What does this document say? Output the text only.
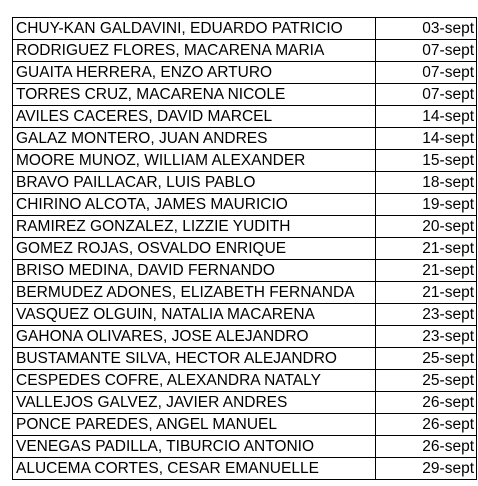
CHUY-KAN GALDAVINI, EDUARDO PATRICIO	03-sept
RODRIGUEZ FLORES, MACARENA MARIA	07-sept
GUAITA HERRERA, ENZO ARTURO	07-sept
TORRES CRUZ, MACARENA NICOLE	07-sept
AVILES CACERES, DAVID MARCEL	14-sept
GALAZ MONTERO, JUAN ANDRES	14-sept
MOORE MUNOZ, WILLIAM ALEXANDER	15-sept
BRAVO PAILLACAR, LUIS PABLO	18-sept
CHIRINO ALCOTA, JAMES MAURICIO	19-sept
RAMIREZ GONZALEZ, LIZZIE YUDITH	20-sept
GOMEZ ROJAS, OSVALDO ENRIQUE	21-sept
BRISO MEDINA, DAVID FERNANDO	21-sept
BERMUDEZ ADONES, ELIZABETH FERNANDA	21-sept
VASQUEZ OLGUIN, NATALIA MACARENA	23-sept
GAHONA OLIVARES, JOSE ALEJANDRO	23-sept
BUSTAMANTE SILVA, HECTOR ALEJANDRO	25-sept
CESPEDES COFRE, ALEXANDRA NATALY	25-sept
VALLEJOS GALVEZ, JAVIER ANDRES	26-sept
PONCE PAREDES, ANGEL MANUEL	26-sept
VENEGAS PADILLA, TIBURCIO ANTONIO	26-sept
ALUCEMA CORTES, CESAR EMANUELLE	29-sept
